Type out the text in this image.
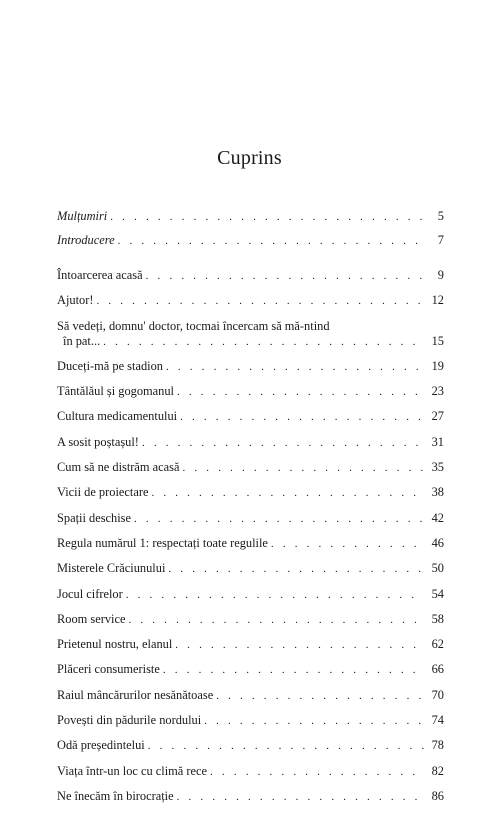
Cuprins
Mulțumiri . . .	5
Introducere . . .	7
Întoarcerea acasă . . .	9
Ajutor! . . .	12
Să vedeți, domnu' doctor, tocmai încercam să mă-ntind
în pat... . . .	15
Duceți-mă pe stadion . . .	19
Tântălăul și gogomanul . . .	23
Cultura medicamentului . . .	27
A sosit poștașul! . . .	31
Cum să ne distrăm acasă . . .	35
Vicii de proiectare . . .	38
Spații deschise . . .	42
Regula numărul 1: respectați toate regulile . . .	46
Misterele Crăciunului . . .	50
Jocul cifrelor . . .	54
Room service . . .	58
Prietenul nostru, elanul . . .	62
Plăceri consumeriste . . .	66
Raiul mâncărurilor nesănătoase . . .	70
Povești din pădurile nordului . . .	74
Odă președintelui . . .	78
Viața într-un loc cu climă rece . . .	82
Ne înecăm în birocrație . . .	86
